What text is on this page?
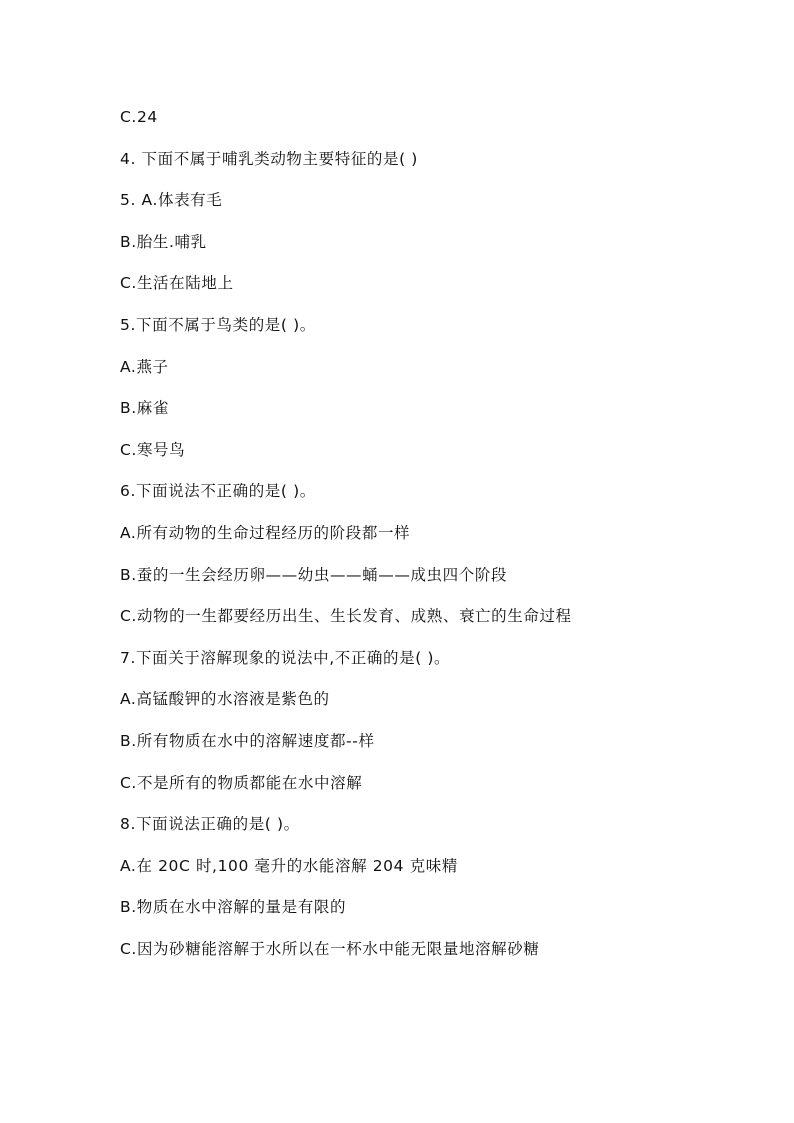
C.24
4. 下面不属于哺乳类动物主要特征的是( )
5. A.体表有毛
B.胎生.哺乳
C.生活在陆地上
5.下面不属于鸟类的是( )。
A.燕子
B.麻雀
C.寒号鸟
6.下面说法不正确的是( )。
A.所有动物的生命过程经历的阶段都一样
B.蚕的一生会经历卵——幼虫——蛹——成虫四个阶段
C.动物的一生都要经历出生、生长发育、成熟、衰亡的生命过程
7.下面关于溶解现象的说法中,不正确的是( )。
A.高锰酸钾的水溶液是紫色的
B.所有物质在水中的溶解速度都--样
C.不是所有的物质都能在水中溶解
8.下面说法正确的是( )。
A.在 20C 时,100 毫升的水能溶解 204 克味精
B.物质在水中溶解的量是有限的
C.因为砂糖能溶解于水所以在一杯水中能无限量地溶解砂糖
